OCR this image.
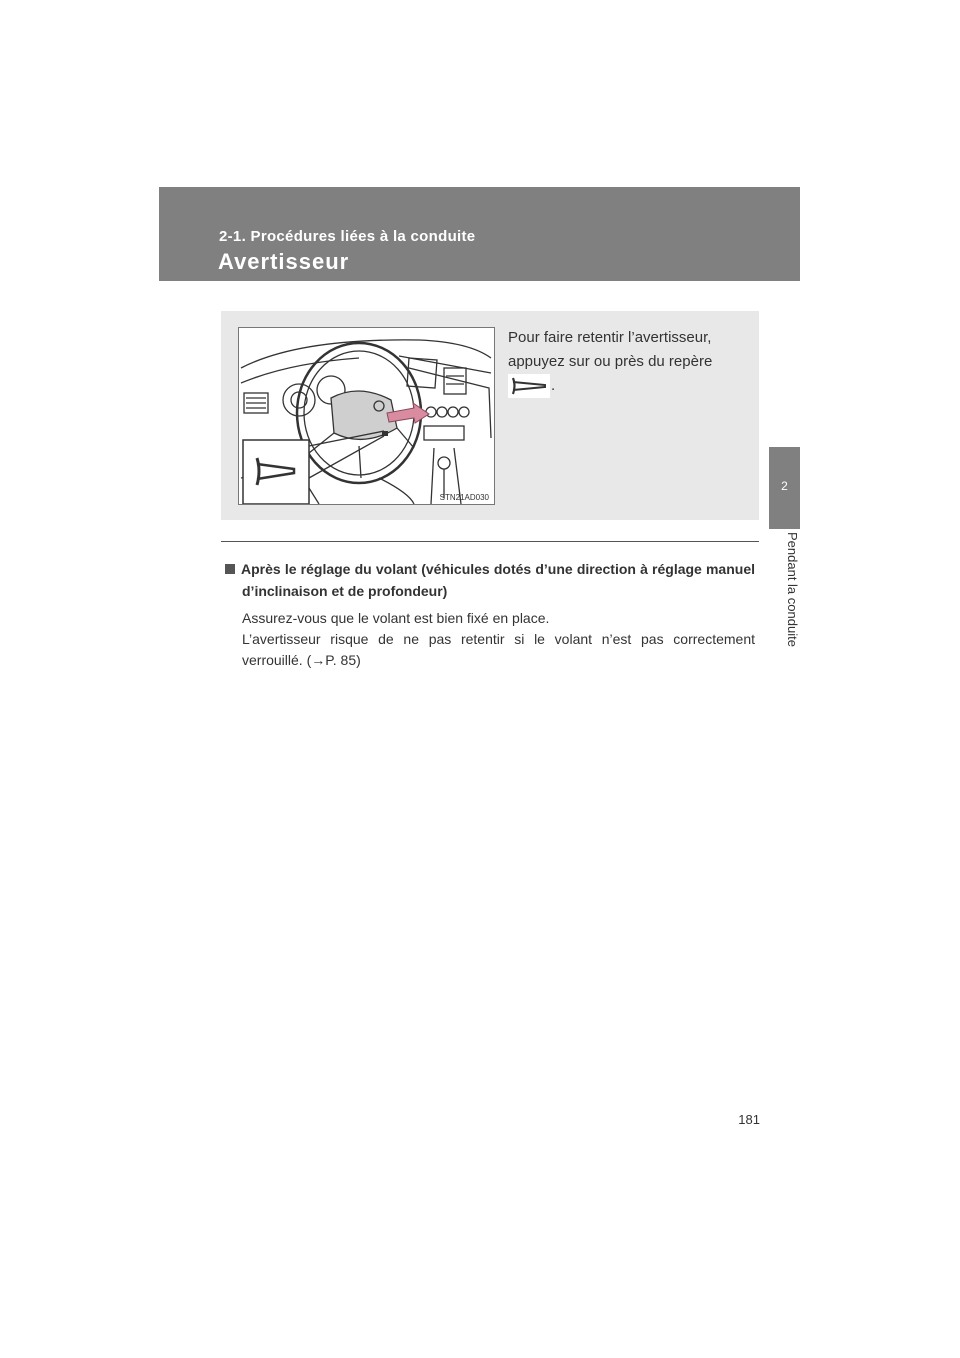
2-1. Procédures liées à la conduite
Avertisseur
2
Pendant la conduite
STN21AD030
Pour faire retentir l’avertisseur,
appuyez sur ou près du repère
.
Après le réglage du volant (véhicules dotés d’une direction à réglage manuel d’inclinaison et de profondeur)

Assurez-vous que le volant est bien fixé en place.

L’avertisseur risque de ne pas retentir si le volant n’est pas correctement verrouillé. (→P. 85)

181
